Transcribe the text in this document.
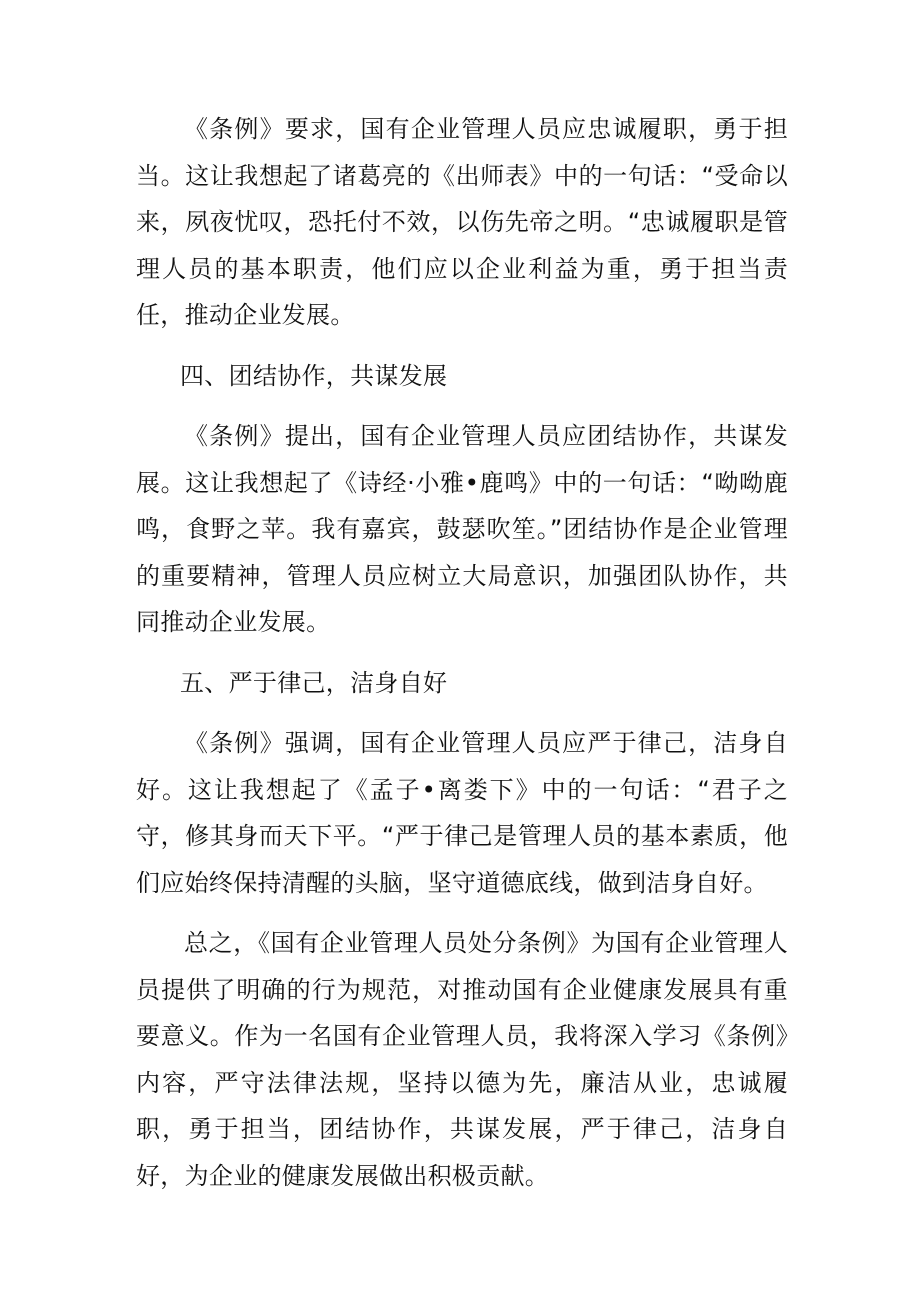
《条例》要求，国有企业管理人员应忠诚履职，勇于担当。这让我想起了诸葛亮的《出师表》中的一句话：“受命以来，夙夜忧叹，恐托付不效，以伤先帝之明。“忠诚履职是管理人员的基本职责，他们应以企业利益为重，勇于担当责任，推动企业发展。

四、团结协作，共谋发展

《条例》提出，国有企业管理人员应团结协作，共谋发展。这让我想起了《诗经·小雅•鹿鸣》中的一句话：“呦呦鹿鸣，食野之苹。我有嘉宾，鼓瑟吹笙。”团结协作是企业管理的重要精神，管理人员应树立大局意识，加强团队协作，共同推动企业发展。

五、严于律己，洁身自好

《条例》强调，国有企业管理人员应严于律己，洁身自好。这让我想起了《孟子•离娄下》中的一句话：“君子之守，修其身而天下平。“严于律己是管理人员的基本素质，他们应始终保持清醒的头脑，坚守道德底线，做到洁身自好。

总之，《国有企业管理人员处分条例》为国有企业管理人员提供了明确的行为规范，对推动国有企业健康发展具有重要意义。作为一名国有企业管理人员，我将深入学习《条例》内容，严守法律法规，坚持以德为先，廉洁从业，忠诚履职，勇于担当，团结协作，共谋发展，严于律己，洁身自好，为企业的健康发展做出积极贡献。
